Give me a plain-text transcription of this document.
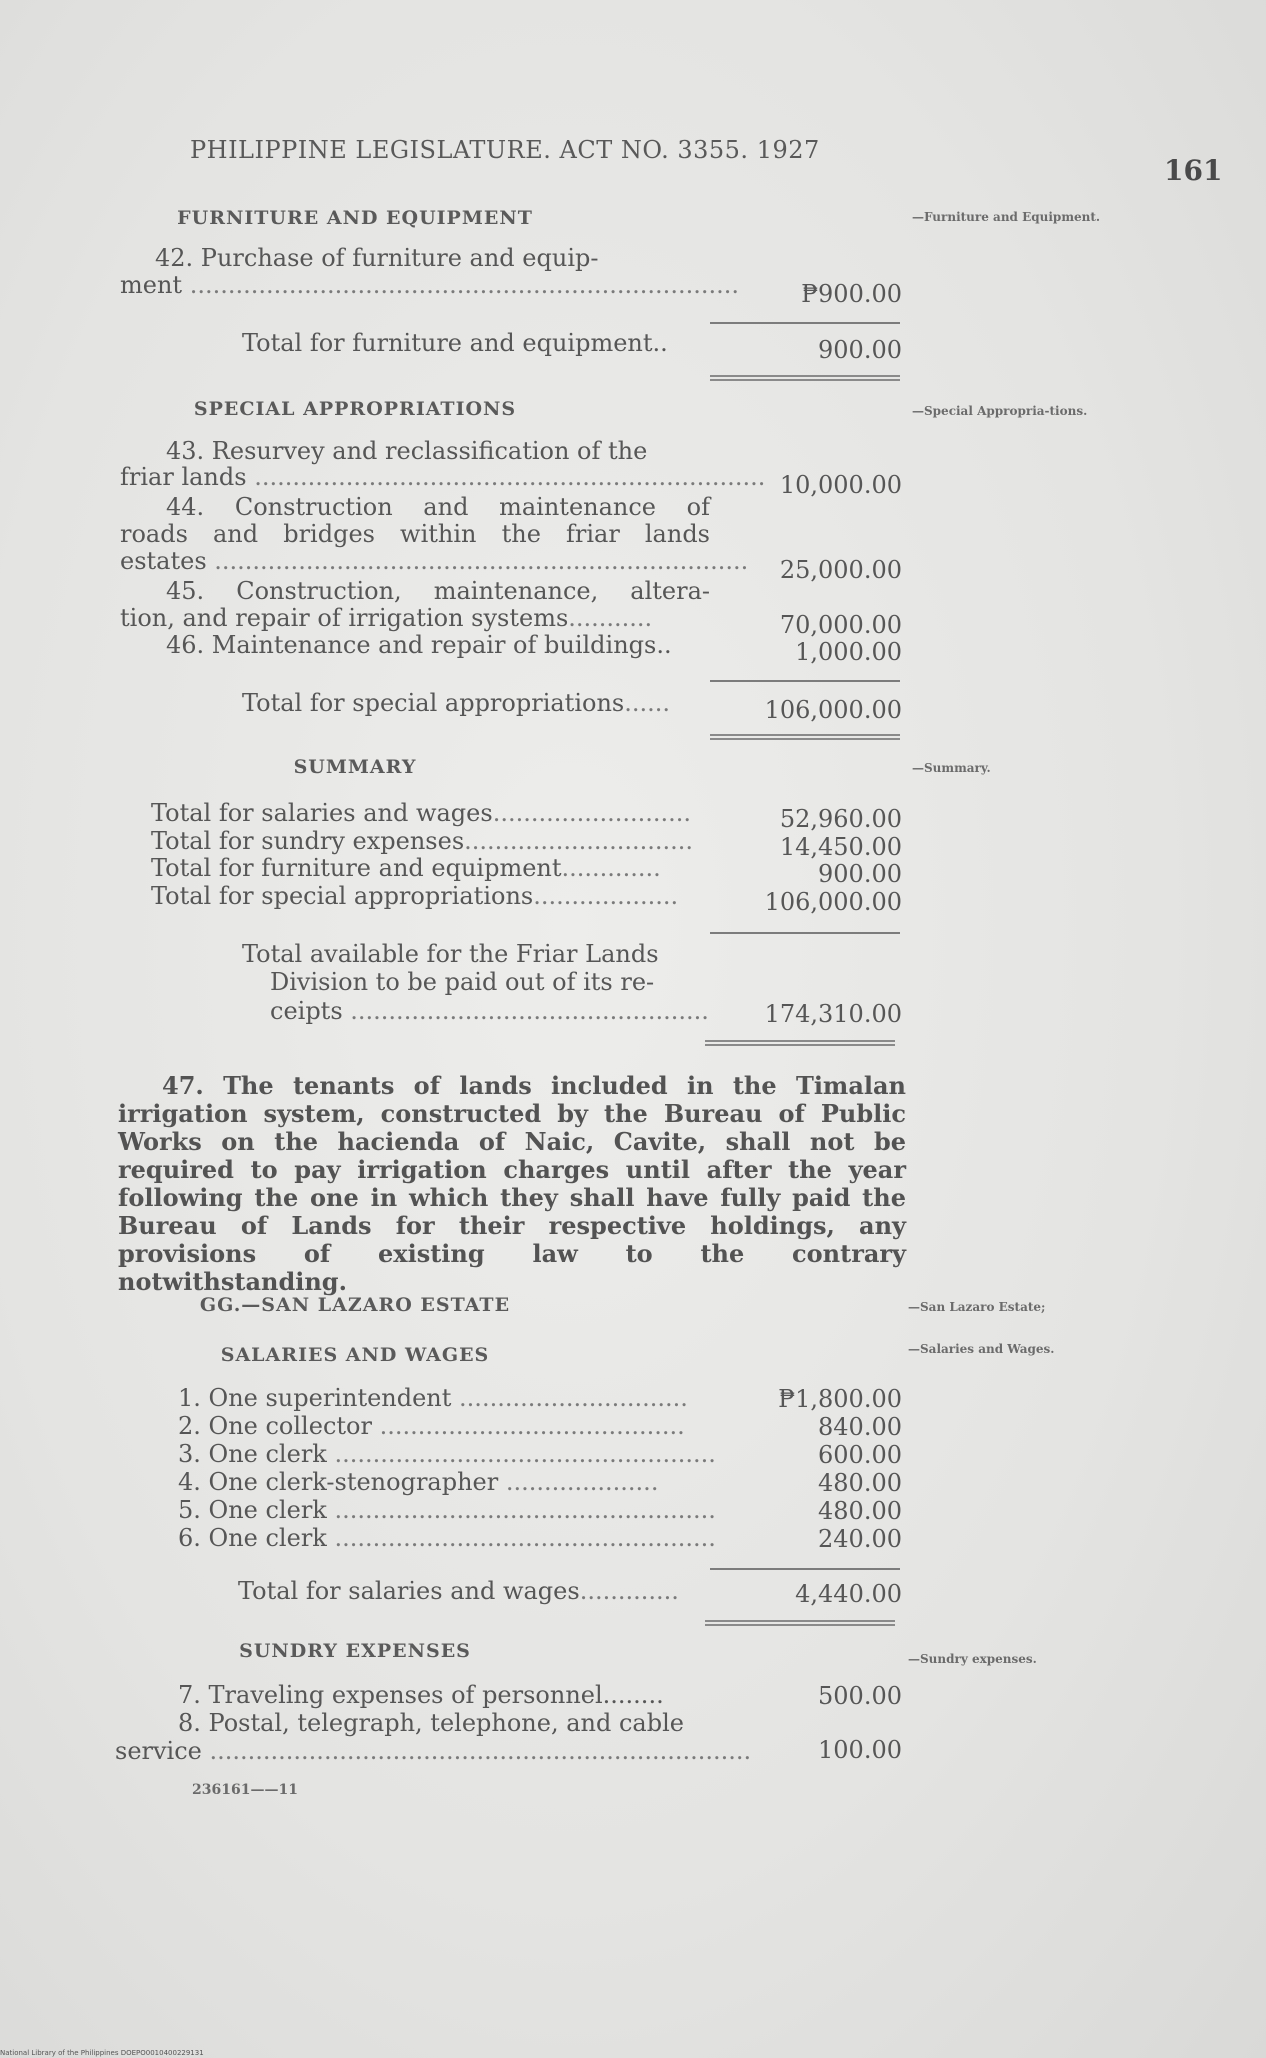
PHILIPPINE LEGISLATURE. ACT NO. 3355. 1927
161
FURNITURE AND EQUIPMENT	—Furniture and Equipment.
42. Purchase of furniture and equip-
ment ........................................................................	₱900.00
Total for furniture and equipment..	900.00
SPECIAL APPROPRIATIONS	—Special Appropria-tions.
43. Resurvey and reclassification of the
friar lands ................................................................... 10,000.00
44. Construction and maintenance of
roads and bridges within the friar lands
estates ......................................................................	25,000.00
45. Construction, maintenance, altera-
tion, and repair of irrigation systems...........	70,000.00
46. Maintenance and repair of buildings..	1,000.00
Total for special appropriations......	106,000.00
SUMMARY	—Summary.
Total for salaries and wages..........................	52,960.00
Total for sundry expenses..............................	14,450.00
Total for furniture and equipment.............	900.00
Total for special appropriations...................	106,000.00
Total available for the Friar Lands
Division to be paid out of its re-
ceipts ...............................................	174,310.00
47. The tenants of lands included in the Timalan irrigation system, constructed by the Bureau of Public Works on the hacienda of Naic, Cavite, shall not be required to pay irrigation charges until after the year following the one in which they shall have fully paid the Bureau of Lands for their respective holdings, any provisions of existing law to the contrary notwithstanding.
GG.—SAN LAZARO ESTATE	—San Lazaro Estate;
SALARIES AND WAGES	—Salaries and Wages.
1. One superintendent ..............................	₱1,800.00
2. One collector ........................................	840.00
3. One clerk ..................................................	600.00
4. One clerk-stenographer ....................	480.00
5. One clerk ..................................................	480.00
6. One clerk ..................................................	240.00
Total for salaries and wages.............	4,440.00
SUNDRY EXPENSES	—Sundry expenses.
7. Traveling expenses of personnel........	500.00
8. Postal, telegraph, telephone, and cable
service .......................................................................	100.00
236161——11
National Library of the Philippines DOEPO0010400229131
